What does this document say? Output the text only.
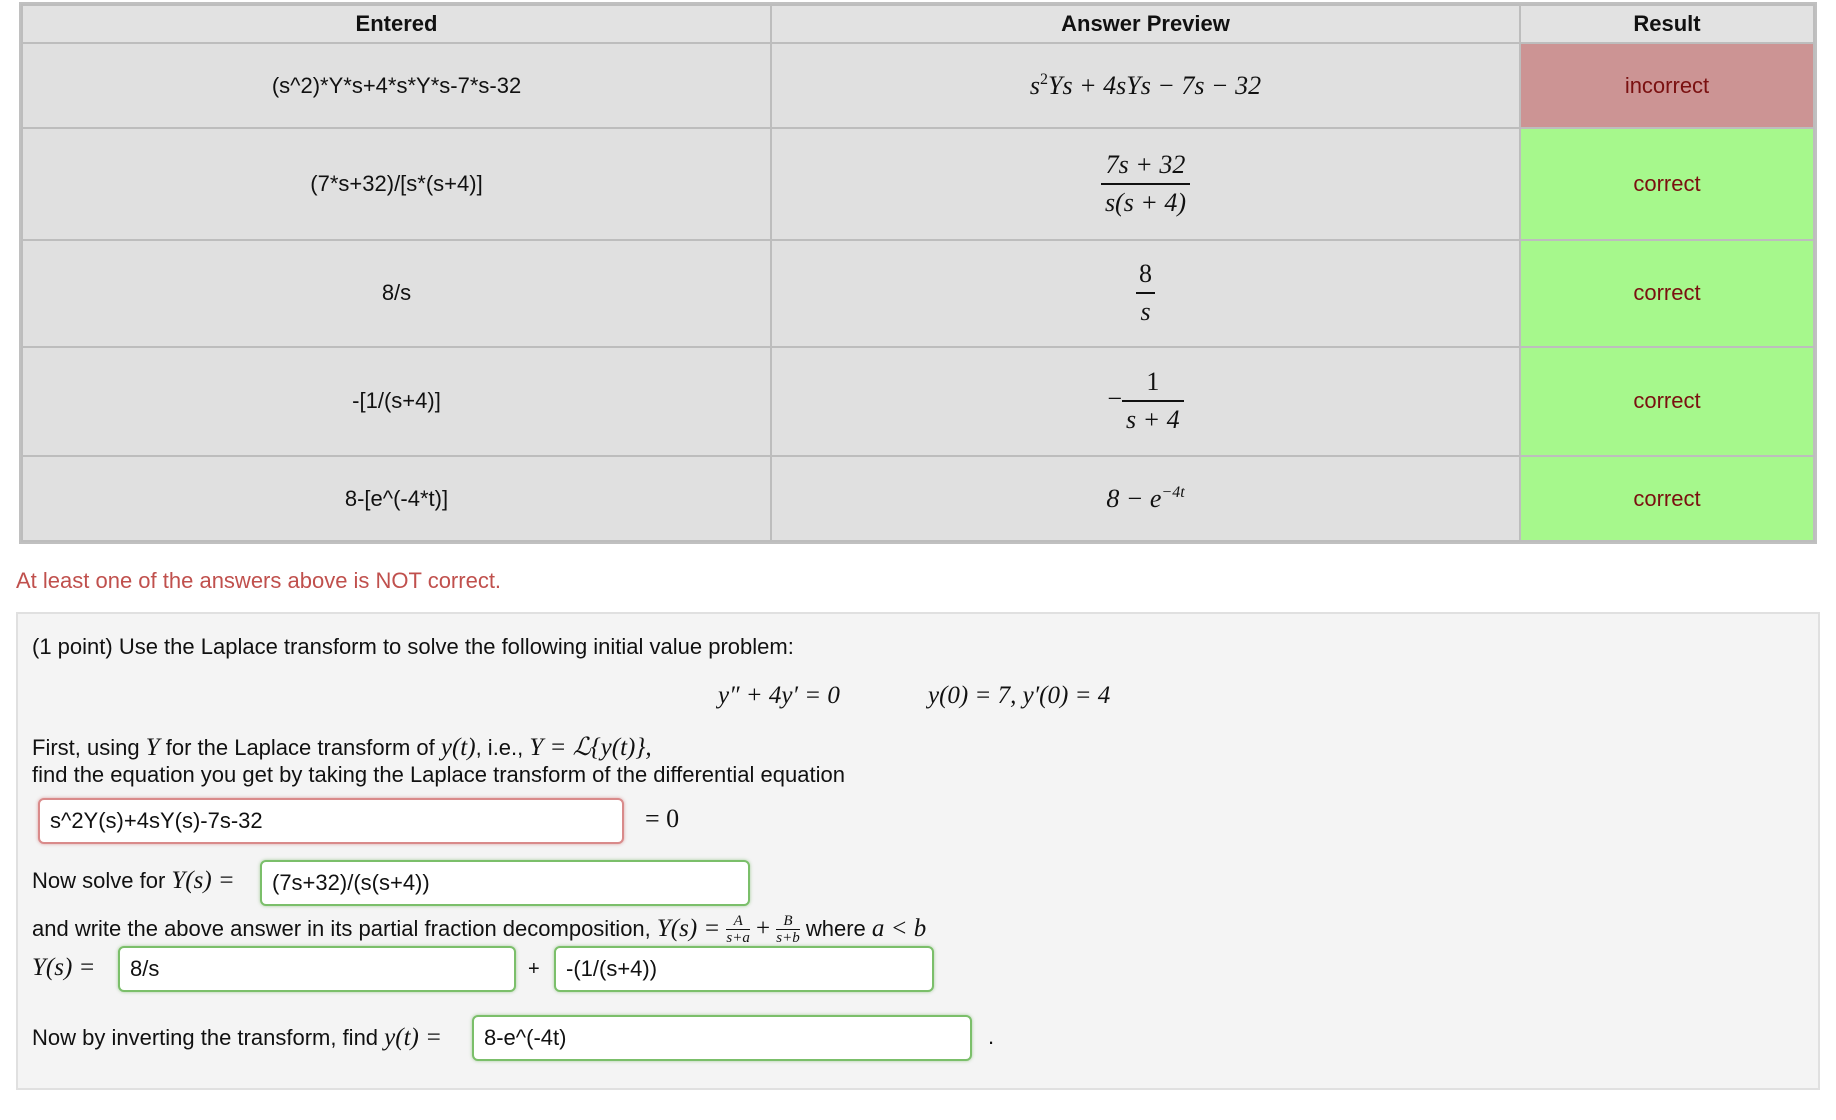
Entered	Answer Preview	Result
(s^2)*Y*s+4*s*Y*s-7*s-32	$s^2Ys + 4sYs - 7s - 32$	incorrect
(7*s+32)/[s*(s+4)]	$\frac{7s + 32}{s(s + 4)}$	correct
8/s	$\frac{8}{s}$	correct
-[1/(s+4)]	− $\frac{1}{s + 4}$	correct
8-[e^(-4*t)]	$8 - e^{-4t}$	correct
At least one of the answers above is NOT correct.
(1 point) Use the Laplace transform to solve the following initial value problem:
y″ + 4y′ = 0	y(0) = 7, y′(0) = 4
First, using Y for the Laplace transform of y(t), i.e., Y = ℒ{y(t)},
find the equation you get by taking the Laplace transform of the differential equation
s^2Y(s)+4sY(s)-7s-32
= 0
Now solve for Y(s) =
(7s+32)/(s(s+4))
and write the above answer in its partial fraction decomposition, $Y(s) = \frac{A}{s+a} + \frac{B}{s+b}$ where a < b
Y(s) =
8/s	+
-(1/(s+4))
Now by inverting the transform, find y(t) =
8-e^(-4t)	.
